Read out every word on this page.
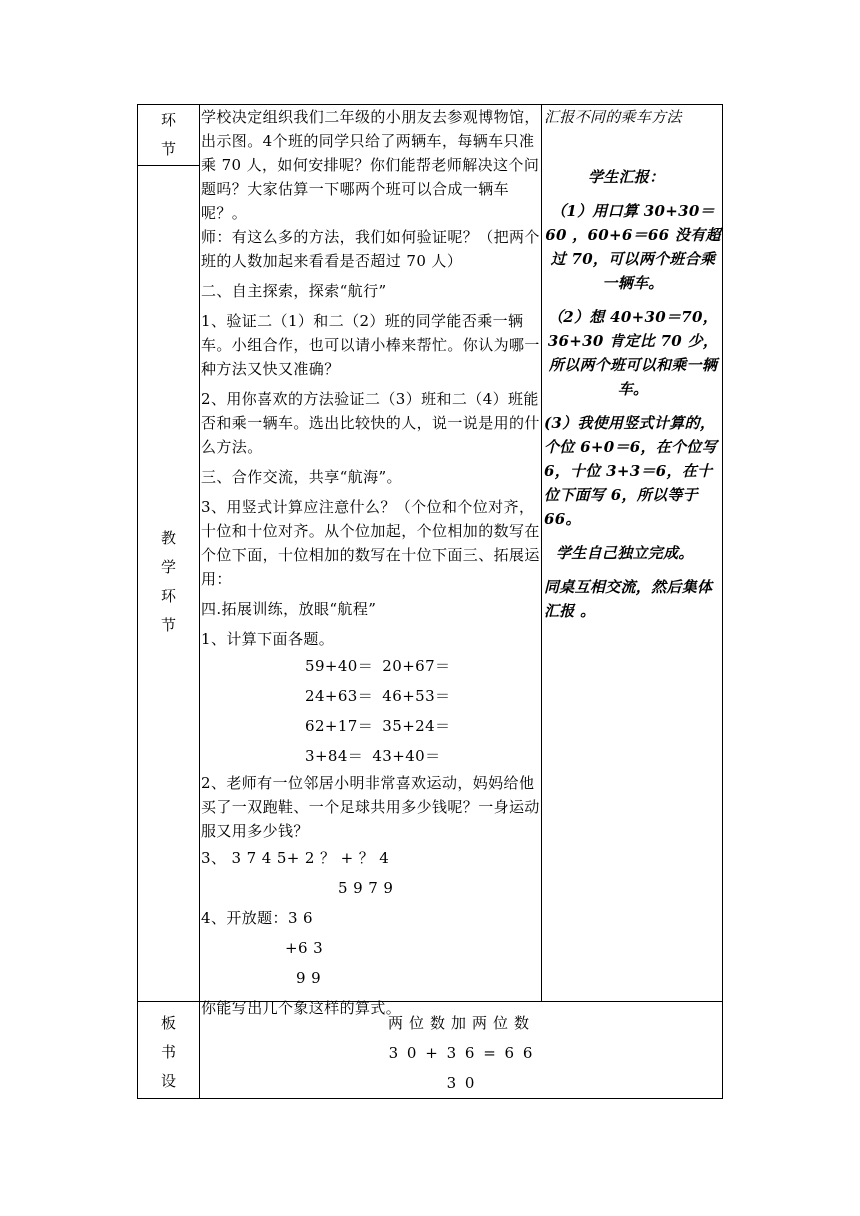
环
节
教
学
环
节
板
书
设

学校决定组织我们二年级的小朋友去参观博物馆，出示图。4个班的同学只给了两辆车，每辆车只准乘 70 人，如何安排呢？你们能帮老师解决这个问题吗？大家估算一下哪两个班可以合成一辆车呢？。

师：有这么多的方法，我们如何验证呢？（把两个班的人数加起来看看是否超过 70 人）

二、自主探索，探索“航行”

1、验证二（1）和二（2）班的同学能否乘一辆车。小组合作，也可以请小棒来帮忙。你认为哪一种方法又快又准确？

2、用你喜欢的方法验证二（3）班和二（4）班能否和乘一辆车。选出比较快的人，说一说是用的什么方法。

三、合作交流，共享“航海”。

3、用竖式计算应注意什么？（个位和个位对齐，十位和十位对齐。从个位加起，个位相加的数写在个位下面，十位相加的数写在十位下面三、拓展运用：

四.拓展训练，放眼“航程”

1、计算下面各题。

59+40＝ 20+67＝

24+63＝ 46+53＝

62+17＝ 35+24＝

3+84＝ 43+40＝

2、老师有一位邻居小明非常喜欢运动，妈妈给他买了一双跑鞋、一个足球共用多少钱呢？一身运动服又用多少钱？

3、 3 7 4 5+ 2 ？ + ？ 4

5 9 7 9

4、开放题：3 6

+6 3

9 9

你能写出几个象这样的算式。

汇报不同的乘车方法

学生汇报：

（1）用口算 30+30＝60 ，60+6＝66 没有超过 70，可以两个班合乘一辆车。

（2）想 40+30＝70，36+30 肯定比 70 少，所以两个班可以和乘一辆车。

(3）我使用竖式计算的，个位 6+0＝6，在个位写 6，十位 3+3＝6，在十位下面写 6，所以等于 66。

学生自己独立完成。

同桌互相交流，然后集体汇报 。

两位数加两位数
3 0 + 3 6 = 6 6
3 0
